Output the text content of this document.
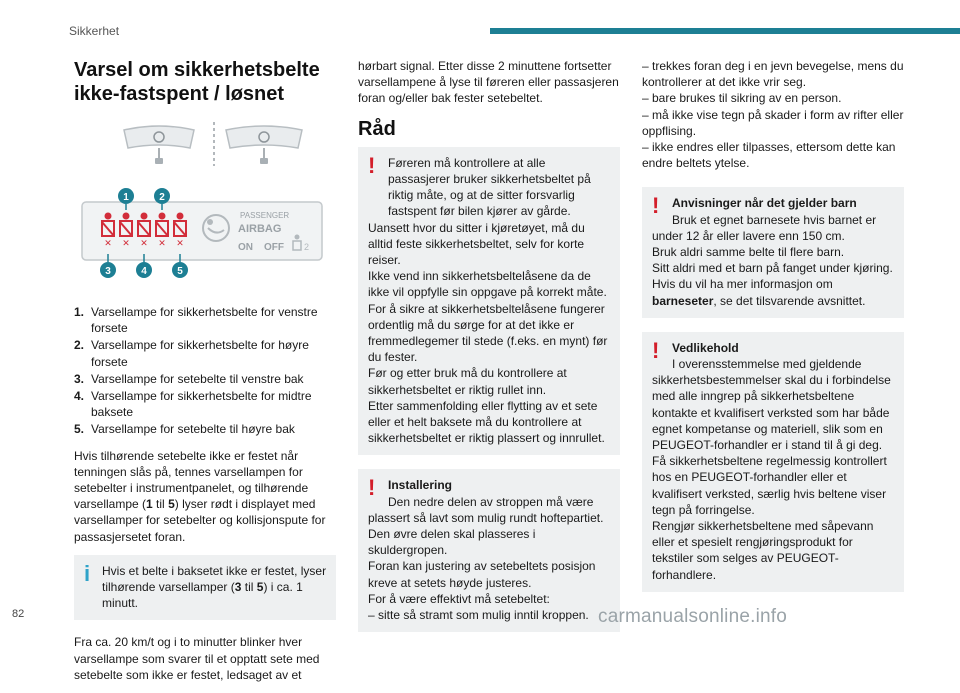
Sikkerhet
Varsel om sikkerhetsbelte ikke-fastspent / løsnet
✕ ✕ ✕ ✕ ✕
PASSENGER
AIRBAG
ON OFF 2
1	2
3	4	5
1. Varsellampe for sikkerhetsbelte for venstre forsete
2. Varsellampe for sikkerhetsbelte for høyre forsete
3. Varsellampe for setebelte til venstre bak
4. Varsellampe for sikkerhetsbelte for midtre baksete
5. Varsellampe for setebelte til høyre bak

Hvis tilhørende setebelte ikke er festet når tenningen slås på, tennes varsellampen for setebelter i instrumentpanelet, og tilhørende varsellampe (1 til 5) lyser rødt i displayet med varsellamper for setebelter og kollisjonspute for passasjersetet foran.

i Hvis et belte i baksetet ikke er festet, lyser tilhørende varsellamper (3 til 5) i ca. 1 minutt.

Fra ca. 20 km/t og i to minutter blinker hver varsellampe som svarer til et opptatt sete med setebelte som ikke er festet, ledsaget av et

hørbart signal. Etter disse 2 minuttene fortsetter varsellampene å lyse til føreren eller passasjeren foran og/eller bak fester setebeltet.

Råd
!	Føreren må kontrollere at alle
passasjerer bruker sikkerhetsbeltet på riktig måte, og at de sitter forsvarlig fastspent før bilen kjører av gårde.
Uansett hvor du sitter i kjøretøyet, må du alltid feste sikkerhetsbeltet, selv for korte reiser.
Ikke vend inn sikkerhetsbeltelåsene da de ikke vil oppfylle sin oppgave på korrekt måte.
For å sikre at sikkerhetsbeltelåsene fungerer ordentlig må du sørge for at det ikke er fremmedlegemer til stede (f.eks. en mynt) før du fester.
Før og etter bruk må du kontrollere at sikkerhetsbeltet er riktig rullet inn.
Etter sammenfolding eller flytting av et sete eller et helt baksete må du kontrollere at sikkerhetsbeltet er riktig plassert og innrullet.
!	Installering
Den nedre delen av stroppen må være
plassert så lavt som mulig rundt hoftepartiet.
Den øvre delen skal plasseres i skuldergropen.
Foran kan justering av setebeltets posisjon kreve at setets høyde justeres.
For å være effektivt må setebeltet:
– sitte så stramt som mulig inntil kroppen.

– trekkes foran deg i en jevn bevegelse, mens du kontrollerer at det ikke vrir seg.
– bare brukes til sikring av en person.
– må ikke vise tegn på skader i form av rifter eller oppflising.
– ikke endres eller tilpasses, ettersom dette kan endre beltets ytelse.

!	Anvisninger når det gjelder barn
Bruk et egnet barnesete hvis barnet er
under 12 år eller lavere enn 150 cm.
Bruk aldri samme belte til flere barn.
Sitt aldri med et barn på fanget under kjøring.
Hvis du vil ha mer informasjon om barneseter, se det tilsvarende avsnittet.
!	Vedlikehold
I overensstemmelse med gjeldende
sikkerhetsbestemmelser skal du i forbindelse med alle inngrep på sikkerhetsbeltene kontakte et kvalifisert verksted som har både egnet kompetanse og materiell, slik som en PEUGEOT-forhandler er i stand til å gi deg.
Få sikkerhetsbeltene regelmessig kontrollert hos en PEUGEOT-forhandler eller et kvalifisert verksted, særlig hvis beltene viser tegn på forringelse.
Rengjør sikkerhetsbeltene med såpevann eller et spesielt rengjøringsprodukt for tekstiler som selges av PEUGEOT-forhandlere.
82	carmanualsonline.info
